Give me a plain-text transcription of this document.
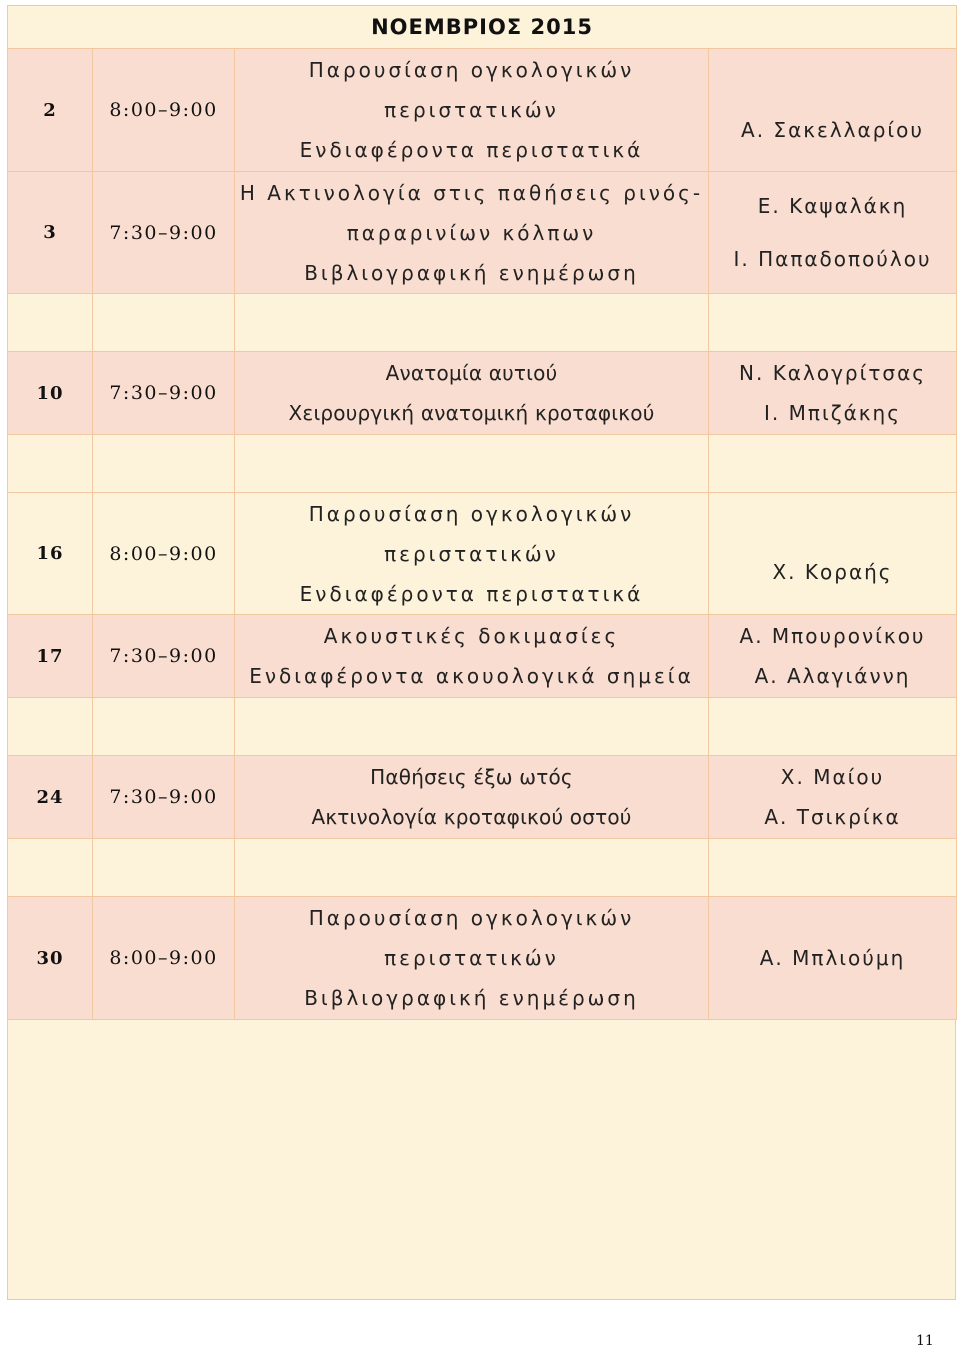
ΝΟΕΜΒΡΙΟΣ 2015			
2	8:00–9:00	Παρουσίαση ογκολογικών
περιστατικών
Ενδιαφέροντα περιστατικά	Α. Σακελλαρίου

3	7:30–9:00	Η Ακτινολογία στις παθήσεις ρινός-
παραρινίων κόλπων
Βιβλιογραφική ενημέρωση	Ε. Καψαλάκη
Ι. Παπαδοπούλου

10	7:30–9:00	Ανατομία αυτιού
Χειρουργική ανατομική κροταφικού	Ν. Καλογρίτσας
Ι. Μπιζάκης

16	8:00–9:00	Παρουσίαση ογκολογικών
περιστατικών
Ενδιαφέροντα περιστατικά	Χ. Κοραής

17	7:30–9:00	Ακουστικές δοκιμασίες
Ενδιαφέροντα ακουολογικά σημεία	Α. Μπουρονίκου
Α. Αλαγιάννη

24	7:30–9:00	Παθήσεις έξω ωτός
Ακτινολογία κροταφικού οστού	Χ. Μαίου
Α. Τσικρίκα

30	8:00–9:00	Παρουσίαση ογκολογικών
περιστατικών
Βιβλιογραφική ενημέρωση	Α. Μπλιούμη
11
